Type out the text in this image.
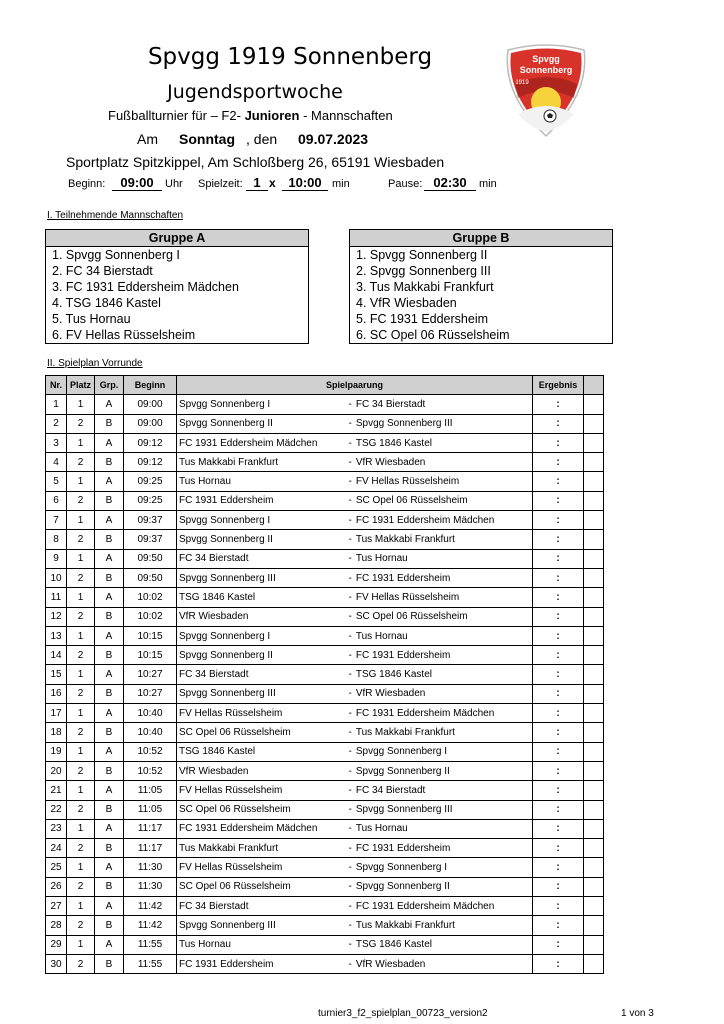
Spvgg 1919 Sonnenberg
Jugendsportwoche
Fußballturnier für – F2- Junioren - Mannschaften
Am Sonntag , den 09.07.2023
Sportplatz Spitzkippel, Am Schloßberg 26, 65191 Wiesbaden
Beginn:	09:00	Uhr Spielzeit: 1 x 10:00 min	Pause: 02:30	min
Spvgg
Sonnenberg
1919
I. Teilnehmende Mannschaften
Gruppe A
1. Spvgg Sonnenberg I
2. FC 34 Bierstadt
3. FC 1931 Eddersheim Mädchen
4. TSG 1846 Kastel
5. Tus Hornau
6. FV Hellas Rüsselsheim
Gruppe B
1. Spvgg Sonnenberg II
2. Spvgg Sonnenberg III
3. Tus Makkabi Frankfurt
4. VfR Wiesbaden
5. FC 1931 Eddersheim
6. SC Opel 06 Rüsselsheim
II. Spielplan Vorrunde
Nr.	Platz	Grp.	Beginn	Spielpaarung		Ergebnis	
1	1	A	09:00	Spvgg Sonnenberg I	- FC 34 Bierstadt	:	
2	2	B	09:00	Spvgg Sonnenberg II	- Spvgg Sonnenberg III	:	
3	1	A	09:12	FC 1931 Eddersheim Mädchen	- TSG 1846 Kastel	:	
4	2	B	09:12	Tus Makkabi Frankfurt	- VfR Wiesbaden	:	
5	1	A	09:25	Tus Hornau	- FV Hellas Rüsselsheim	:	
6	2	B	09:25	FC 1931 Eddersheim	- SC Opel 06 Rüsselsheim	:	
7	1	A	09:37	Spvgg Sonnenberg I	- FC 1931 Eddersheim Mädchen	:	
8	2	B	09:37	Spvgg Sonnenberg II	- Tus Makkabi Frankfurt	:	
9	1	A	09:50	FC 34 Bierstadt	- Tus Hornau	:	
10	2	B	09:50	Spvgg Sonnenberg III	- FC 1931 Eddersheim	:	
11	1	A	10:02	TSG 1846 Kastel	- FV Hellas Rüsselsheim	:	
12	2	B	10:02	VfR Wiesbaden	- SC Opel 06 Rüsselsheim	:	
13	1	A	10:15	Spvgg Sonnenberg I	- Tus Hornau	:	
14	2	B	10:15	Spvgg Sonnenberg II	- FC 1931 Eddersheim	:	
15	1	A	10:27	FC 34 Bierstadt	- TSG 1846 Kastel	:	
16	2	B	10:27	Spvgg Sonnenberg III	- VfR Wiesbaden	:	
17	1	A	10:40	FV Hellas Rüsselsheim	- FC 1931 Eddersheim Mädchen	:	
18	2	B	10:40	SC Opel 06 Rüsselsheim	- Tus Makkabi Frankfurt	:	
19	1	A	10:52	TSG 1846 Kastel	- Spvgg Sonnenberg I	:	
20	2	B	10:52	VfR Wiesbaden	- Spvgg Sonnenberg II	:	
21	1	A	11:05	FV Hellas Rüsselsheim	- FC 34 Bierstadt	:	
22	2	B	11:05	SC Opel 06 Rüsselsheim	- Spvgg Sonnenberg III	:	
23	1	A	11:17	FC 1931 Eddersheim Mädchen	- Tus Hornau	:	
24	2	B	11:17	Tus Makkabi Frankfurt	- FC 1931 Eddersheim	:	
25	1	A	11:30	FV Hellas Rüsselsheim	- Spvgg Sonnenberg I	:	
26	2	B	11:30	SC Opel 06 Rüsselsheim	- Spvgg Sonnenberg II	:	
27	1	A	11:42	FC 34 Bierstadt	- FC 1931 Eddersheim Mädchen	:	
28	2	B	11:42	Spvgg Sonnenberg III	- Tus Makkabi Frankfurt	:	
29	1	A	11:55	Tus Hornau	- TSG 1846 Kastel	:	
30	2	B	11:55	FC 1931 Eddersheim	- VfR Wiesbaden	:	
turnier3_f2_spielplan_00723_version2	1 von 3
